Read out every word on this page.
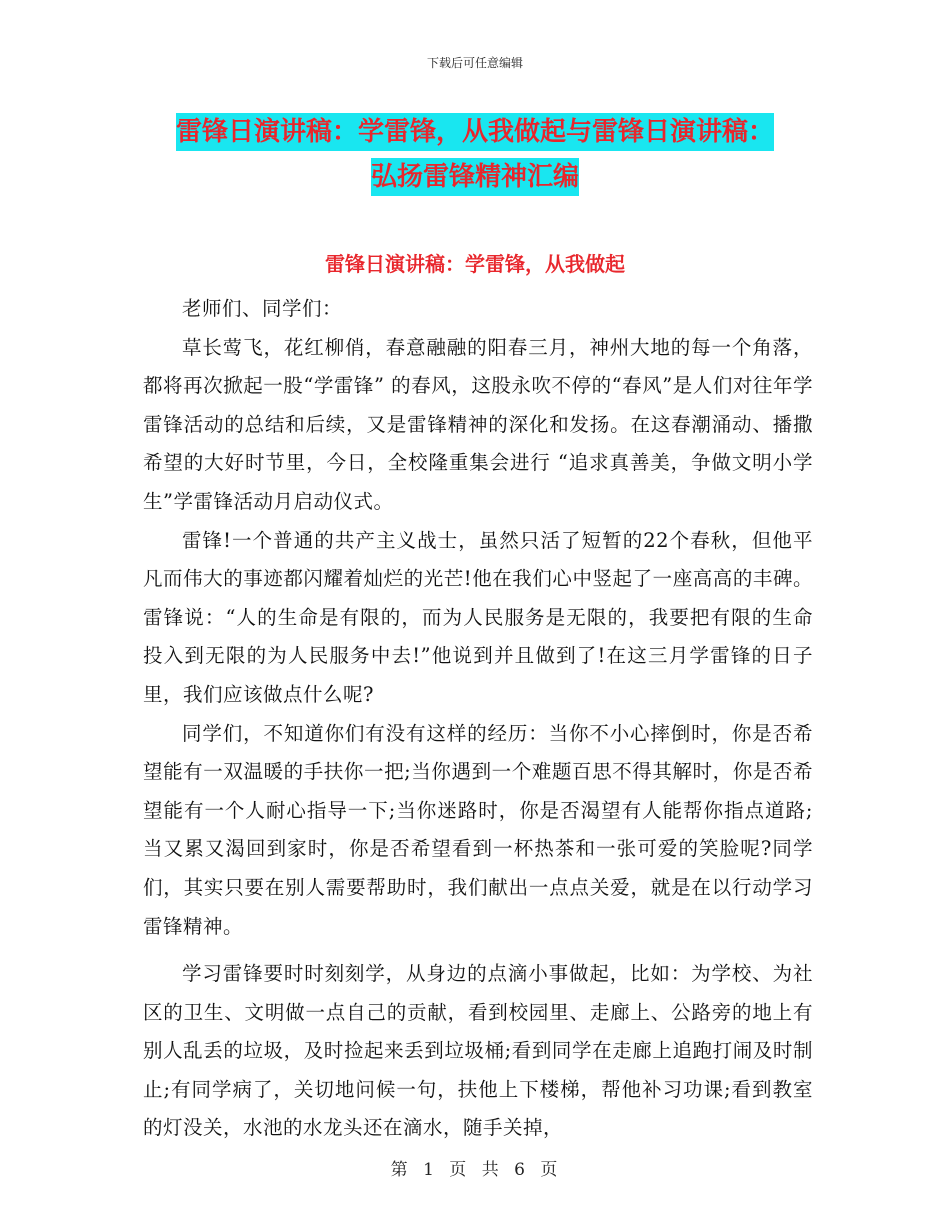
下载后可任意编辑
雷锋日演讲稿：学雷锋，从我做起与雷锋日演讲稿：
弘扬雷锋精神汇编
雷锋日演讲稿：学雷锋，从我做起

老师们、同学们：

草长莺飞，花红柳俏，春意融融的阳春三月，神州大地的每一个角落，都将再次掀起一股“学雷锋” 的春风，这股永吹不停的“春风”是人们对往年学雷锋活动的总结和后续，又是雷锋精神的深化和发扬。在这春潮涌动、播撒希望的大好时节里，今日，全校隆重集会进行 “追求真善美，争做文明小学生”学雷锋活动月启动仪式。

雷锋!一个普通的共产主义战士，虽然只活了短暂的22个春秋，但他平凡而伟大的事迹都闪耀着灿烂的光芒!他在我们心中竖起了一座高高的丰碑。雷锋说：“人的生命是有限的，而为人民服务是无限的，我要把有限的生命投入到无限的为人民服务中去!”他说到并且做到了!在这三月学雷锋的日子里，我们应该做点什么呢?

同学们，不知道你们有没有这样的经历：当你不小心摔倒时，你是否希望能有一双温暖的手扶你一把;当你遇到一个难题百思不得其解时，你是否希望能有一个人耐心指导一下;当你迷路时，你是否渴望有人能帮你指点道路;当又累又渴回到家时，你是否希望看到一杯热茶和一张可爱的笑脸呢?同学们，其实只要在别人需要帮助时，我们献出一点点关爱，就是在以行动学习雷锋精神。

学习雷锋要时时刻刻学，从身边的点滴小事做起，比如：为学校、为社区的卫生、文明做一点自己的贡献，看到校园里、走廊上、公路旁的地上有别人乱丢的垃圾，及时捡起来丢到垃圾桶;看到同学在走廊上追跑打闹及时制止;有同学病了，关切地问候一句，扶他上下楼梯，帮他补习功课;看到教室的灯没关，水池的水龙头还在滴水，随手关掉，

第 1 页 共 6 页
